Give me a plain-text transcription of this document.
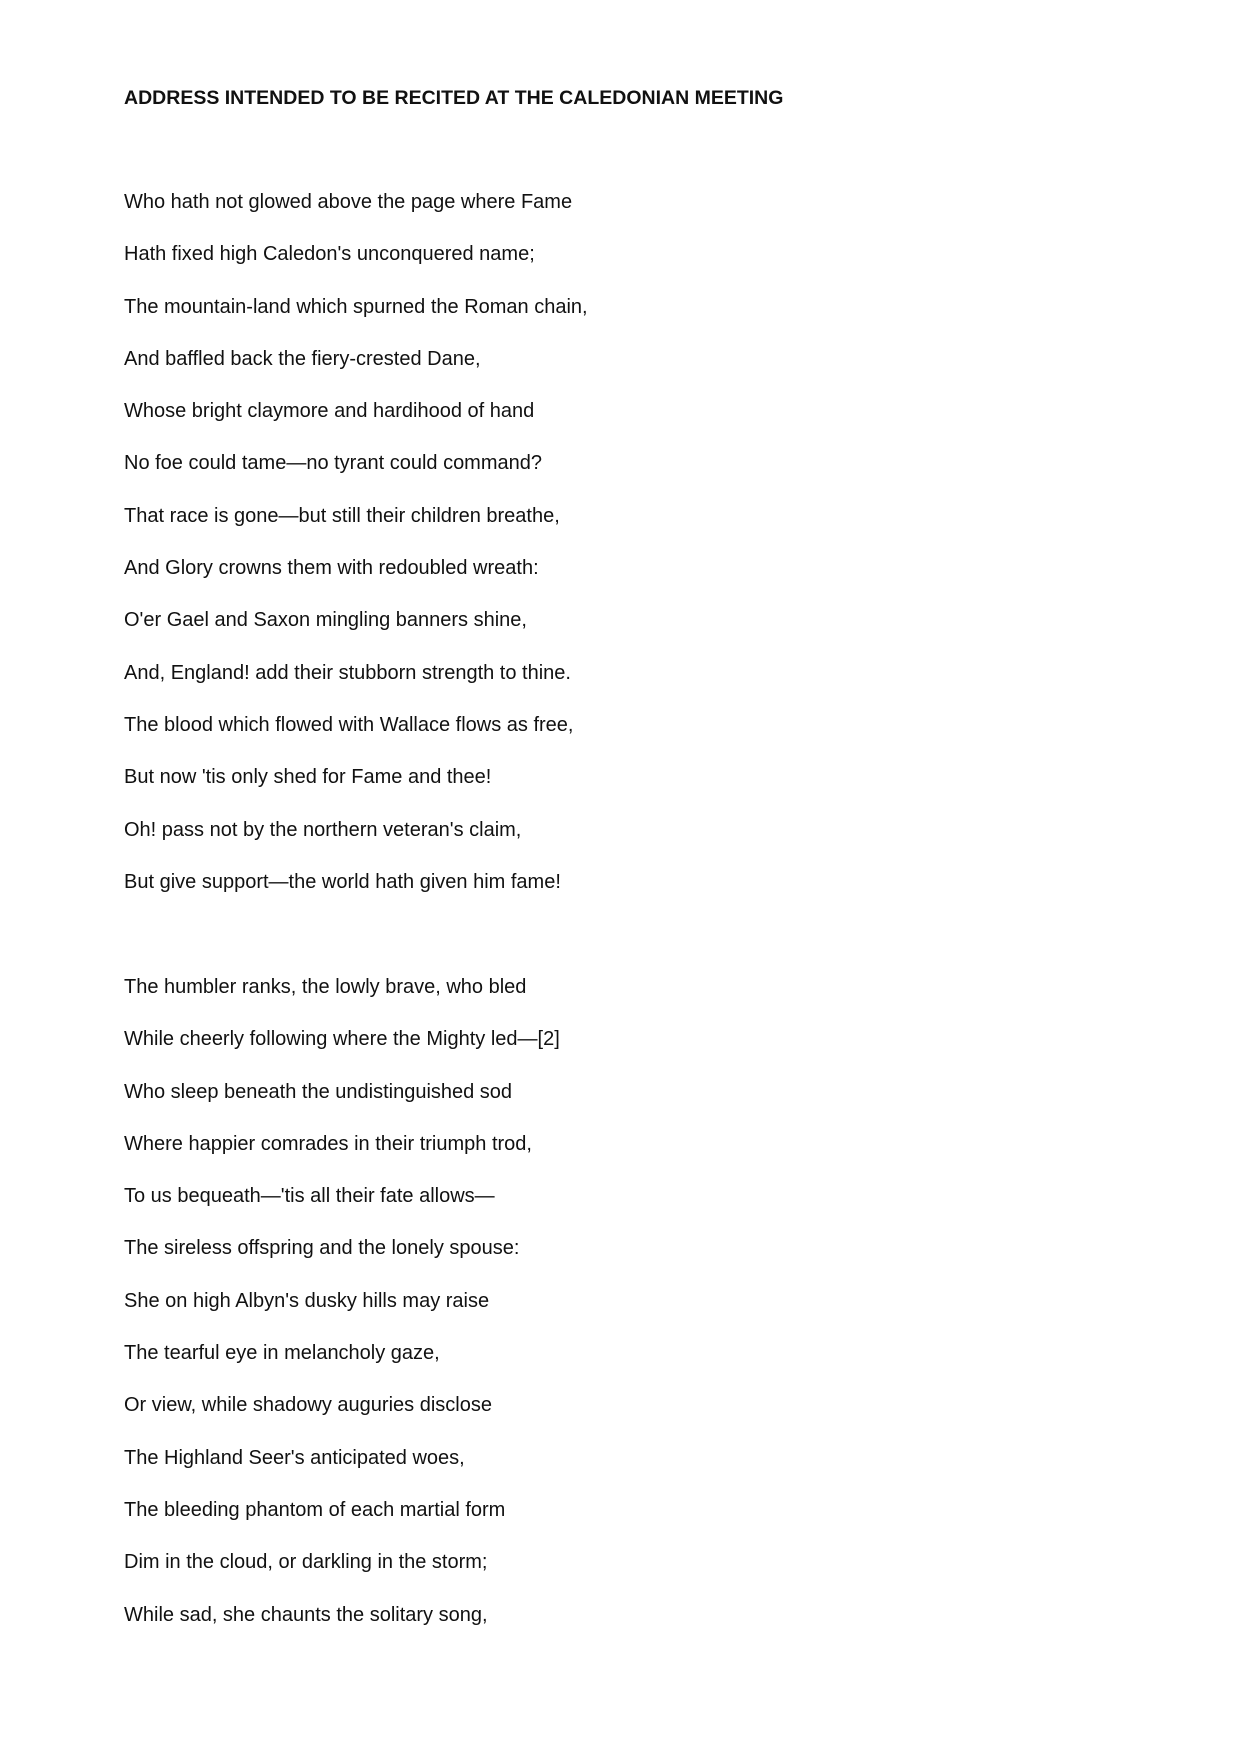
ADDRESS INTENDED TO BE RECITED AT THE CALEDONIAN MEETING
Who hath not glowed above the page where Fame
Hath fixed high Caledon's unconquered name;
The mountain-land which spurned the Roman chain,
And baffled back the fiery-crested Dane,
Whose bright claymore and hardihood of hand
No foe could tame—no tyrant could command?
That race is gone—but still their children breathe,
And Glory crowns them with redoubled wreath:
O'er Gael and Saxon mingling banners shine,
And, England! add their stubborn strength to thine.
The blood which flowed with Wallace flows as free,
But now 'tis only shed for Fame and thee!
Oh! pass not by the northern veteran's claim,
But give support—the world hath given him fame!
The humbler ranks, the lowly brave, who bled
While cheerly following where the Mighty led—[2]
Who sleep beneath the undistinguished sod
Where happier comrades in their triumph trod,
To us bequeath—'tis all their fate allows—
The sireless offspring and the lonely spouse:
She on high Albyn's dusky hills may raise
The tearful eye in melancholy gaze,
Or view, while shadowy auguries disclose
The Highland Seer's anticipated woes,
The bleeding phantom of each martial form
Dim in the cloud, or darkling in the storm;
While sad, she chaunts the solitary song,
